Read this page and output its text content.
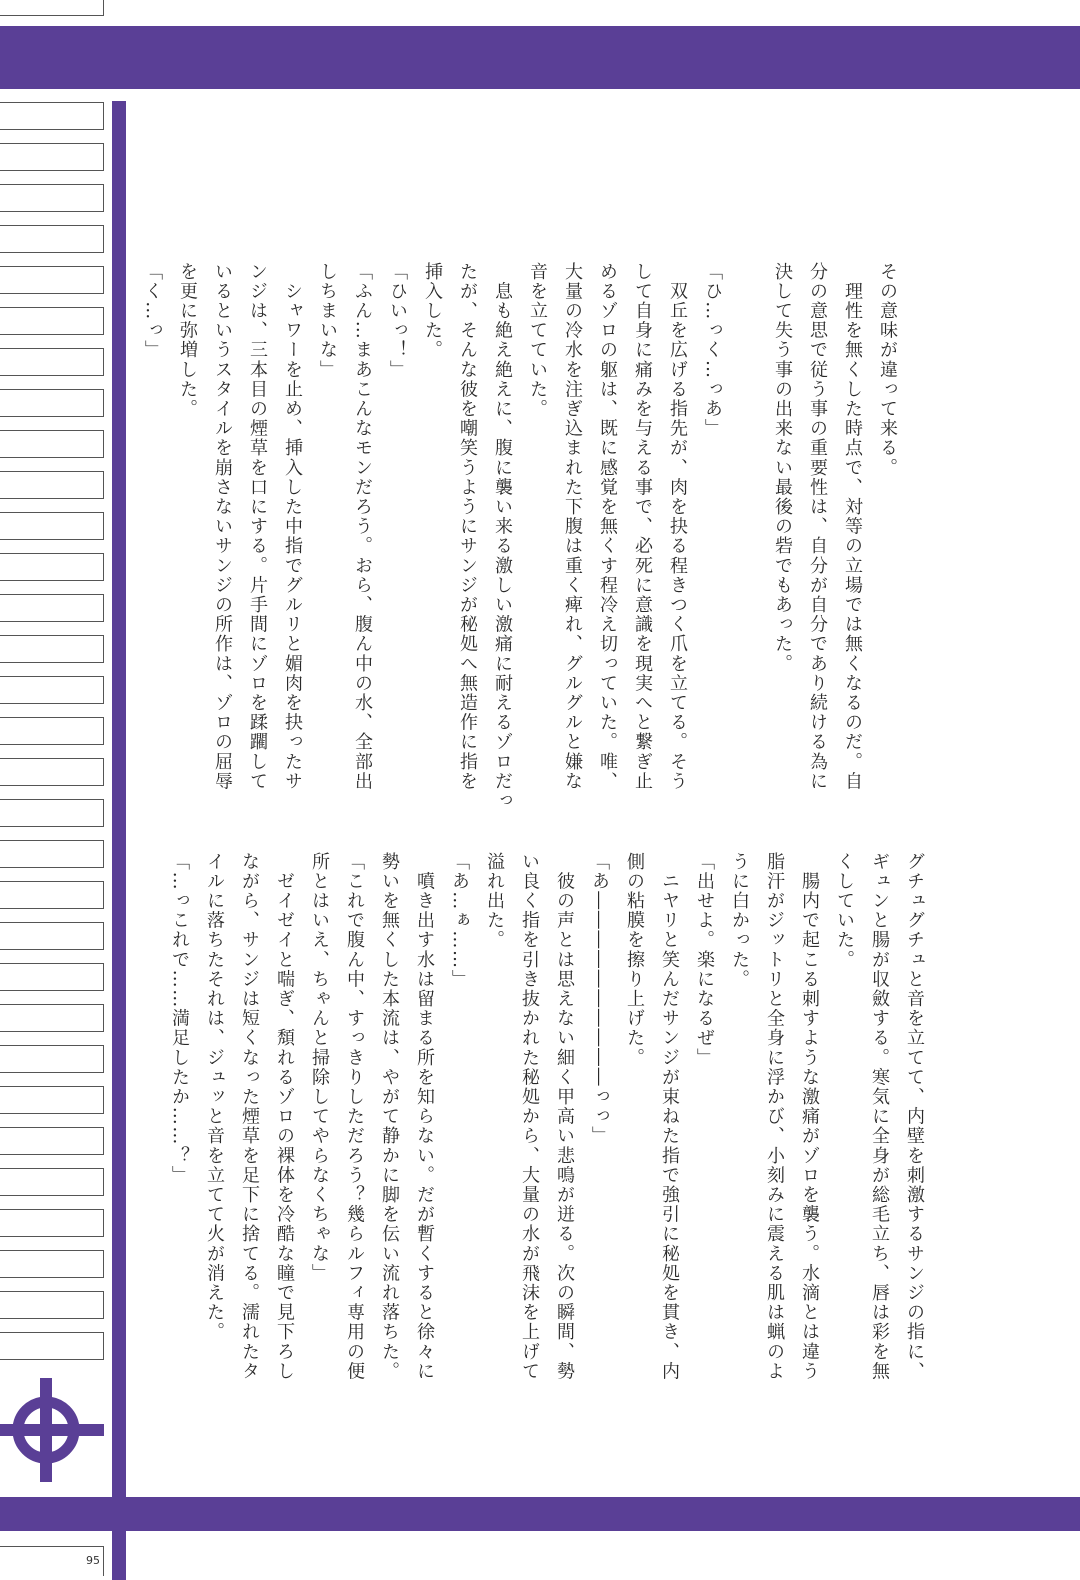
95
その意味が違って来る。
　理性を無くした時点で、対等の立場では無くなるのだ。自
分の意思で従う事の重要性は、自分が自分であり続ける為に
決して失う事の出来ない最後の砦でもあった。

「ひ…っく…っあ」
　双丘を広げる指先が、肉を抉る程きつく爪を立てる。そう
して自身に痛みを与える事で、必死に意識を現実へと繋ぎ止
めるゾロの躯は、既に感覚を無くす程冷え切っていた。唯、
大量の冷水を注ぎ込まれた下腹は重く痺れ、グルグルと嫌な
音を立てていた。
　息も絶え絶えに、腹に襲い来る激しい激痛に耐えるゾロだっ
たが、そんな彼を嘲笑うようにサンジが秘処へ無造作に指を
挿入した。
「ひいっ！」
「ふん…まあこんなモンだろう。おら、腹ん中の水、全部出
しちまいな」
　シャワーを止め、挿入した中指でグルリと媚肉を抉ったサ
ンジは、三本目の煙草を口にする。片手間にゾロを蹂躙して
いるというスタイルを崩さないサンジの所作は、ゾロの屈辱
を更に弥増した。
「く…っ」
グチュグチュと音を立てて、内壁を刺激するサンジの指に、
ギュンと腸が収斂する。寒気に全身が総毛立ち、唇は彩を無
くしていた。
　腸内で起こる刺すような激痛がゾロを襲う。水滴とは違う
脂汗がジットリと全身に浮かび、小刻みに震える肌は蝋のよ
うに白かった。
「出せよ。楽になるぜ」
　ニヤリと笑んだサンジが束ねた指で強引に秘処を貫き、内
側の粘膜を擦り上げた。
「あ――――――――――っっ」
　彼の声とは思えない細く甲高い悲鳴が迸る。次の瞬間、勢
い良く指を引き抜かれた秘処から、大量の水が飛沫を上げて
溢れ出た。
「あ…ぁ……」
　噴き出す水は留まる所を知らない。だが暫くすると徐々に
勢いを無くした本流は、やがて静かに脚を伝い流れ落ちた。
「これで腹ん中、すっきりしただろう？幾らルフィ専用の便
所とはいえ、ちゃんと掃除してやらなくちゃな」
　ゼイゼイと喘ぎ、頽れるゾロの裸体を冷酷な瞳で見下ろし
ながら、サンジは短くなった煙草を足下に捨てる。濡れたタ
イルに落ちたそれは、ジュッと音を立てて火が消えた。
「…っこれで……満足したか……？」
